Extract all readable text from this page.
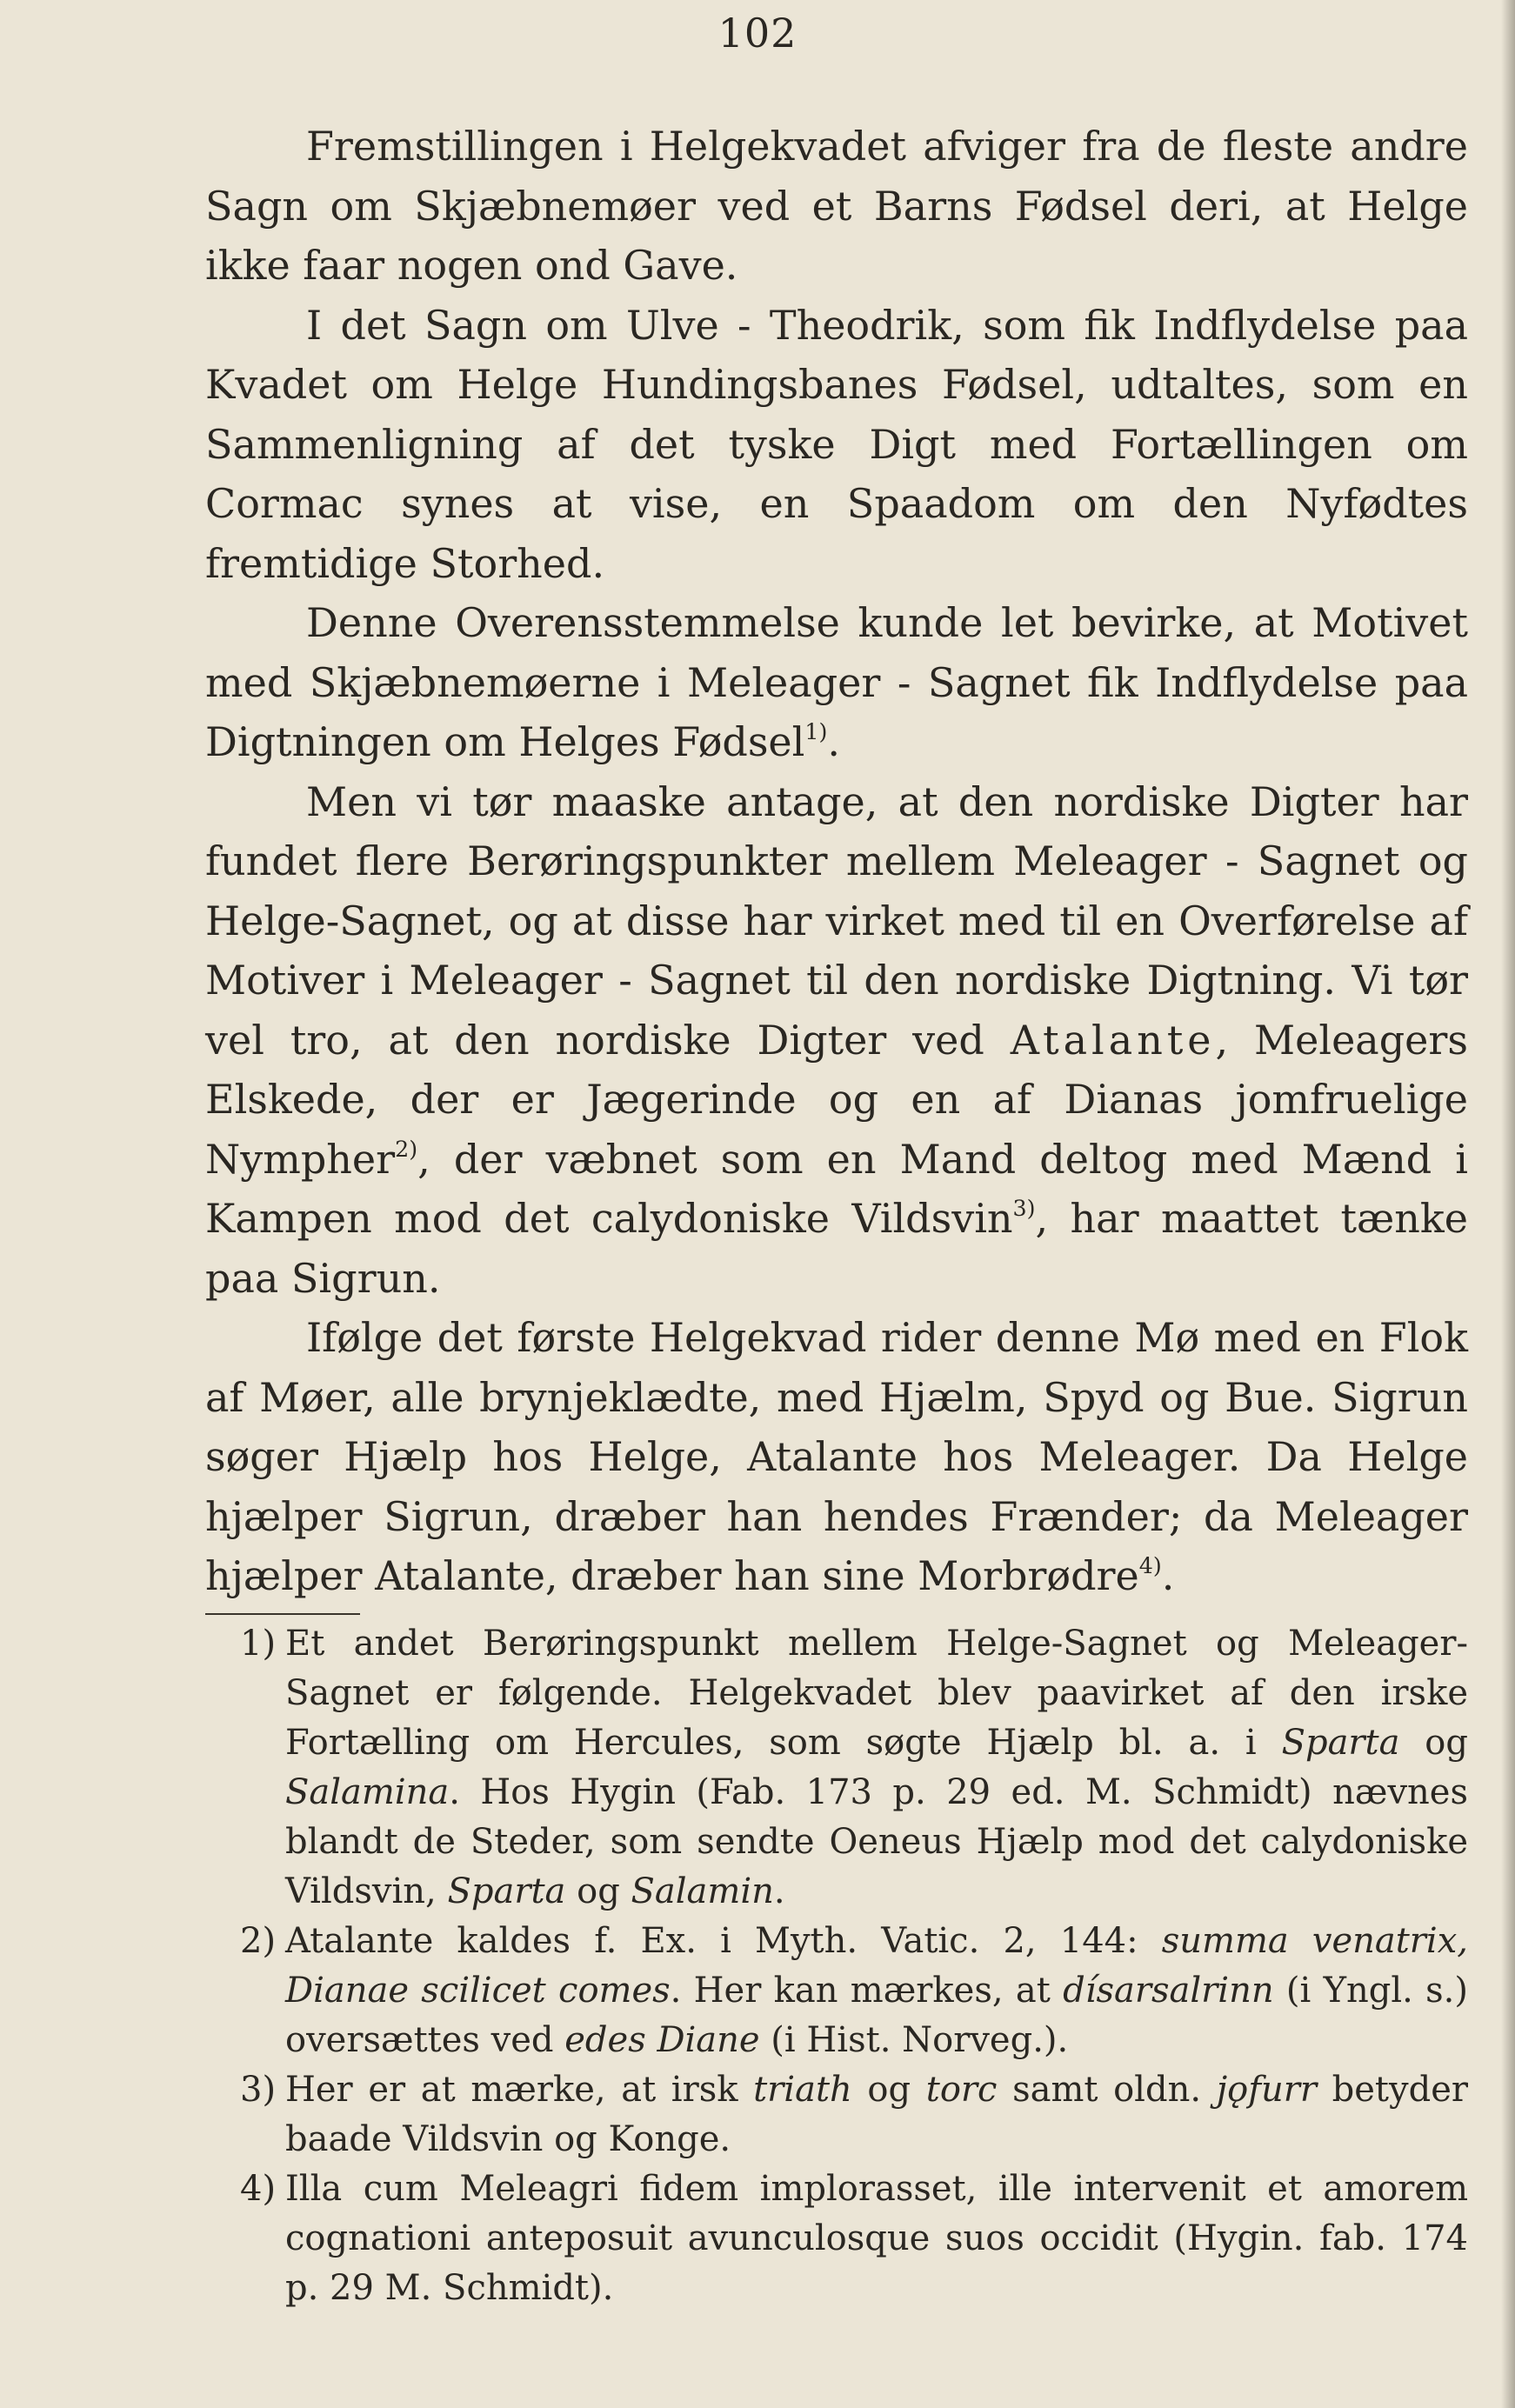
102

Fremstillingen i Helgekvadet afviger fra de fleste andre Sagn om Skjæbnemøer ved et Barns Fødsel deri, at Helge ikke faar nogen ond Gave.

I det Sagn om Ulve - Theodrik, som fik Indflydelse paa Kvadet om Helge Hundingsbanes Fødsel, udtaltes, som en Sammenligning af det tyske Digt med Fortællingen om Cormac synes at vise, en Spaadom om den Nyfødtes fremtidige Storhed.

Denne Overensstemmelse kunde let bevirke, at Motivet med Skjæbnemøerne i Meleager - Sagnet fik Indflydelse paa Digtningen om Helges Fødsel$^{1)}$.

Men vi tør maaske antage, at den nordiske Digter har fundet flere Berøringspunkter mellem Meleager - Sagnet og Helge-Sagnet, og at disse har virket med til en Overførelse af Motiver i Meleager - Sagnet til den nordiske Digtning. Vi tør vel tro, at den nordiske Digter ved Atalante, Meleagers Elskede, der er Jægerinde og en af Dianas jomfruelige Nympher$^{2)}$, der væbnet som en Mand deltog med Mænd i Kampen mod det calydoniske Vildsvin$^{3)}$, har maattet tænke paa Sigrun.

Ifølge det første Helgekvad rider denne Mø med en Flok af Møer, alle brynjeklædte, med Hjælm, Spyd og Bue. Sigrun søger Hjælp hos Helge, Atalante hos Meleager. Da Helge hjælper Sigrun, dræber han hendes Frænder; da Meleager hjælper Atalante, dræber han sine Morbrødre$^{4)}$.

1) Et andet Berøringspunkt mellem Helge-Sagnet og Meleager-Sagnet er følgende. Helgekvadet blev paavirket af den irske Fortælling om Hercules, som søgte Hjælp bl. a. i Sparta og Salamina. Hos Hygin (Fab. 173 p. 29 ed. M. Schmidt) nævnes blandt de Steder, som sendte Oeneus Hjælp mod det calydoniske Vildsvin, Sparta og Salamin.

2) Atalante kaldes f. Ex. i Myth. Vatic. 2, 144: summa venatrix, Dianae scilicet comes. Her kan mærkes, at dísarsalrinn (i Yngl. s.) oversættes ved edes Diane (i Hist. Norveg.).

3) Her er at mærke, at irsk triath og torc samt oldn. jǫfurr betyder baade Vildsvin og Konge.

4) Illa cum Meleagri fidem implorasset, ille intervenit et amorem cognationi anteposuit avunculosque suos occidit (Hygin. fab. 174 p. 29 M. Schmidt).
